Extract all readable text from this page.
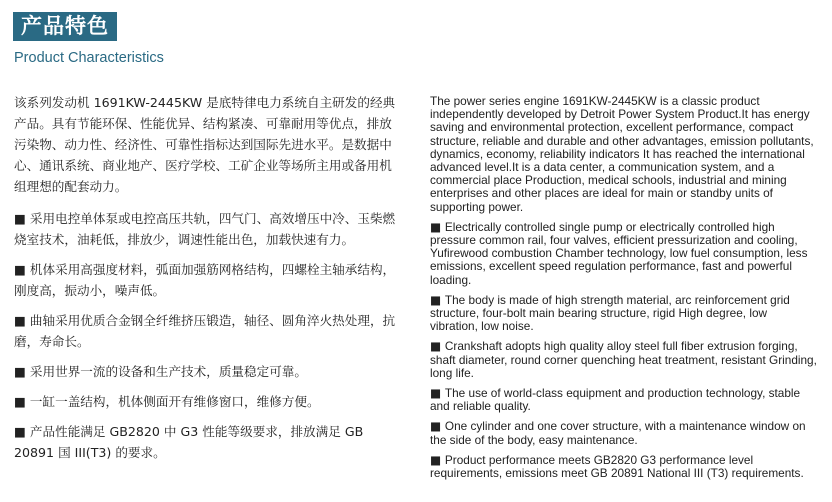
产品特色
Product Characteristics

该系列发动机 1691KW-2445KW 是底特律电力系统自主研发的经典产品。具有节能环保、性能优异、结构紧凑、可靠耐用等优点，排放污染物、动力性、经济性、可靠性指标达到国际先进水平。是数据中心、通讯系统、商业地产、医疗学校、工矿企业等场所主用或备用机组理想的配套动力。

■ 采用电控单体泵或电控高压共轨，四气门、高效增压中冷、玉柴燃烧室技术，油耗低，排放少，调速性能出色，加载快速有力。

■ 机体采用高强度材料，弧面加强筋网格结构，四螺栓主轴承结构，刚度高，振动小，噪声低。

■ 曲轴采用优质合金钢全纤维挤压锻造，轴径、圆角淬火热处理，抗磨，寿命长。

■ 采用世界一流的设备和生产技术，质量稳定可靠。

■ 一缸一盖结构，机体侧面开有维修窗口，维修方便。

■ 产品性能满足 GB2820 中 G3 性能等级要求，排放满足 GB 20891 国 III(T3) 的要求。

The power series engine 1691KW-2445KW is a classic product independently developed by Detroit Power System Product.It has energy saving and environmental protection, excellent performance, compact structure, reliable and durable and other advantages, emission pollutants, dynamics, economy, reliability indicators It has reached the international advanced level.It is a data center, a communication system, and a commercial place Production, medical schools, industrial and mining enterprises and other places are ideal for main or standby units of supporting power.

■ Electrically controlled single pump or electrically controlled high pressure common rail, four valves, efficient pressurization and cooling, Yufirewood combustion Chamber technology, low fuel consumption, less emissions, excellent speed regulation performance, fast and powerful loading.

■ The body is made of high strength material, arc reinforcement grid structure, four-bolt main bearing structure, rigid High degree, low vibration, low noise.

■ Crankshaft adopts high quality alloy steel full fiber extrusion forging, shaft diameter, round corner quenching heat treatment, resistant Grinding, long life.

■ The use of world-class equipment and production technology, stable and reliable quality.

■ One cylinder and one cover structure, with a maintenance window on the side of the body, easy maintenance.

■ Product performance meets GB2820 G3 performance level requirements, emissions meet GB 20891 National III (T3) requirements.
